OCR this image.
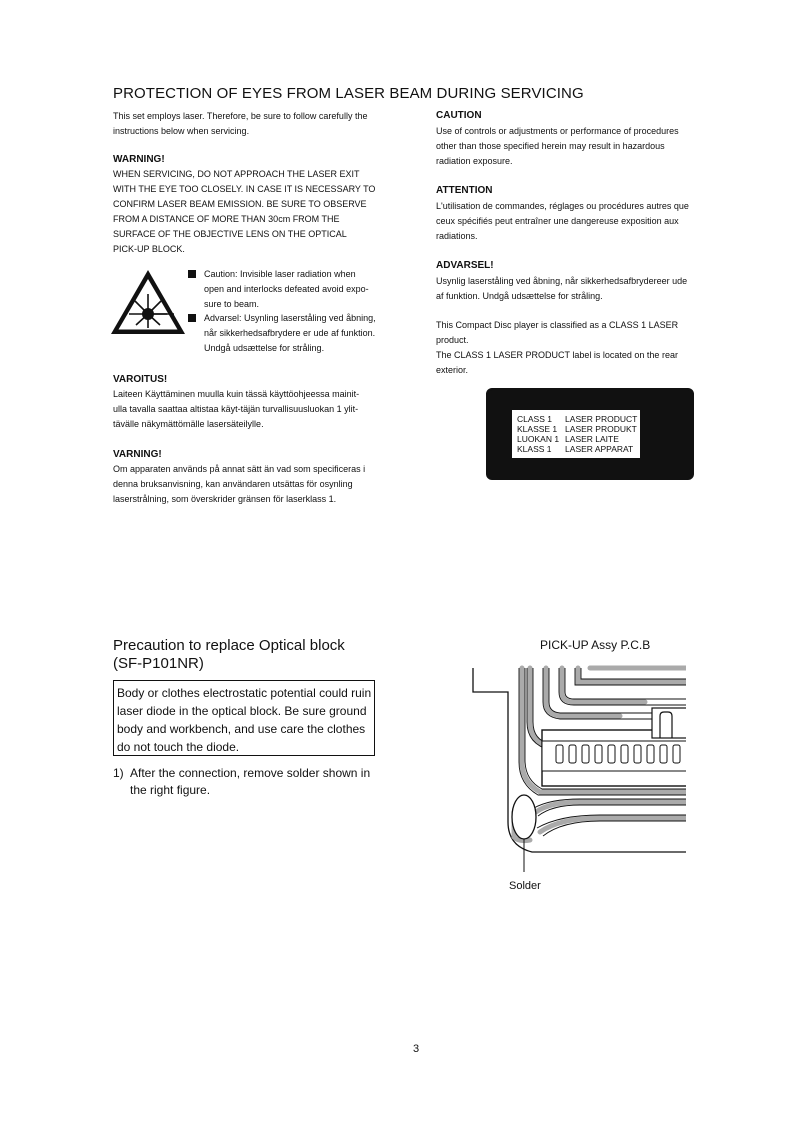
PROTECTION OF EYES FROM LASER BEAM DURING SERVICING

This set employs laser. Therefore, be sure to follow carefully the

instructions below when servicing.

WARNING!

WHEN SERVICING, DO NOT APPROACH THE LASER EXIT

WITH THE EYE TOO CLOSELY. IN CASE IT IS NECESSARY TO

CONFIRM LASER BEAM EMISSION. BE SURE TO OBSERVE

FROM A DISTANCE OF MORE THAN 30cm FROM THE

SURFACE OF THE OBJECTIVE LENS ON THE OPTICAL

PICK-UP BLOCK.

Caution: Invisible laser radiation when

open and interlocks defeated avoid expo-

sure to beam.

Advarsel: Usynling laserståling ved åbning,

når sikkerhedsafbrydere er ude af funktion.

Undgå udsættelse for stråling.

VAROITUS!

Laiteen Käyttäminen muulla kuin tässä käyttöohjeessa mainit-

ulla tavalla saattaa altistaa käyt-täjän turvallisuusluokan 1 ylit-

tävälle näkymättömälle lasersäteilylle.

VARNING!

Om apparaten används på annat sätt än vad som specificeras i

denna bruksanvisning, kan användaren utsättas för osynling

laserstrålning, som överskrider gränsen för laserklass 1.

CAUTION

Use of controls or adjustments or performance of procedures

other than those specified herein may result in hazardous

radiation exposure.

ATTENTION

L'utilisation de commandes, réglages ou procédures autres que

ceux spécifiés peut entraîner une dangereuse exposition aux

radiations.

ADVARSEL!

Usynlig laserståling ved åbning, når sikkerhedsafbrydereer ude

af funktion. Undgå udsættelse for stråling.

This Compact Disc player is classified as a CLASS 1 LASER

product.

The CLASS 1 LASER PRODUCT label is located on the rear

exterior.

CLASS 1	LASER PRODUCT
KLASSE 1	LASER PRODUKT
LUOKAN 1	LASER LAITE
KLASS 1	LASER APPARAT
Precaution to replace Optical block
(SF-P101NR)
Body or clothes electrostatic potential could ruin
laser diode in the optical block. Be sure ground
body and workbench, and use care the clothes
do not touch the diode.
1) After the connection, remove solder shown in
the right figure.
PICK-UP Assy P.C.B
Solder
3
